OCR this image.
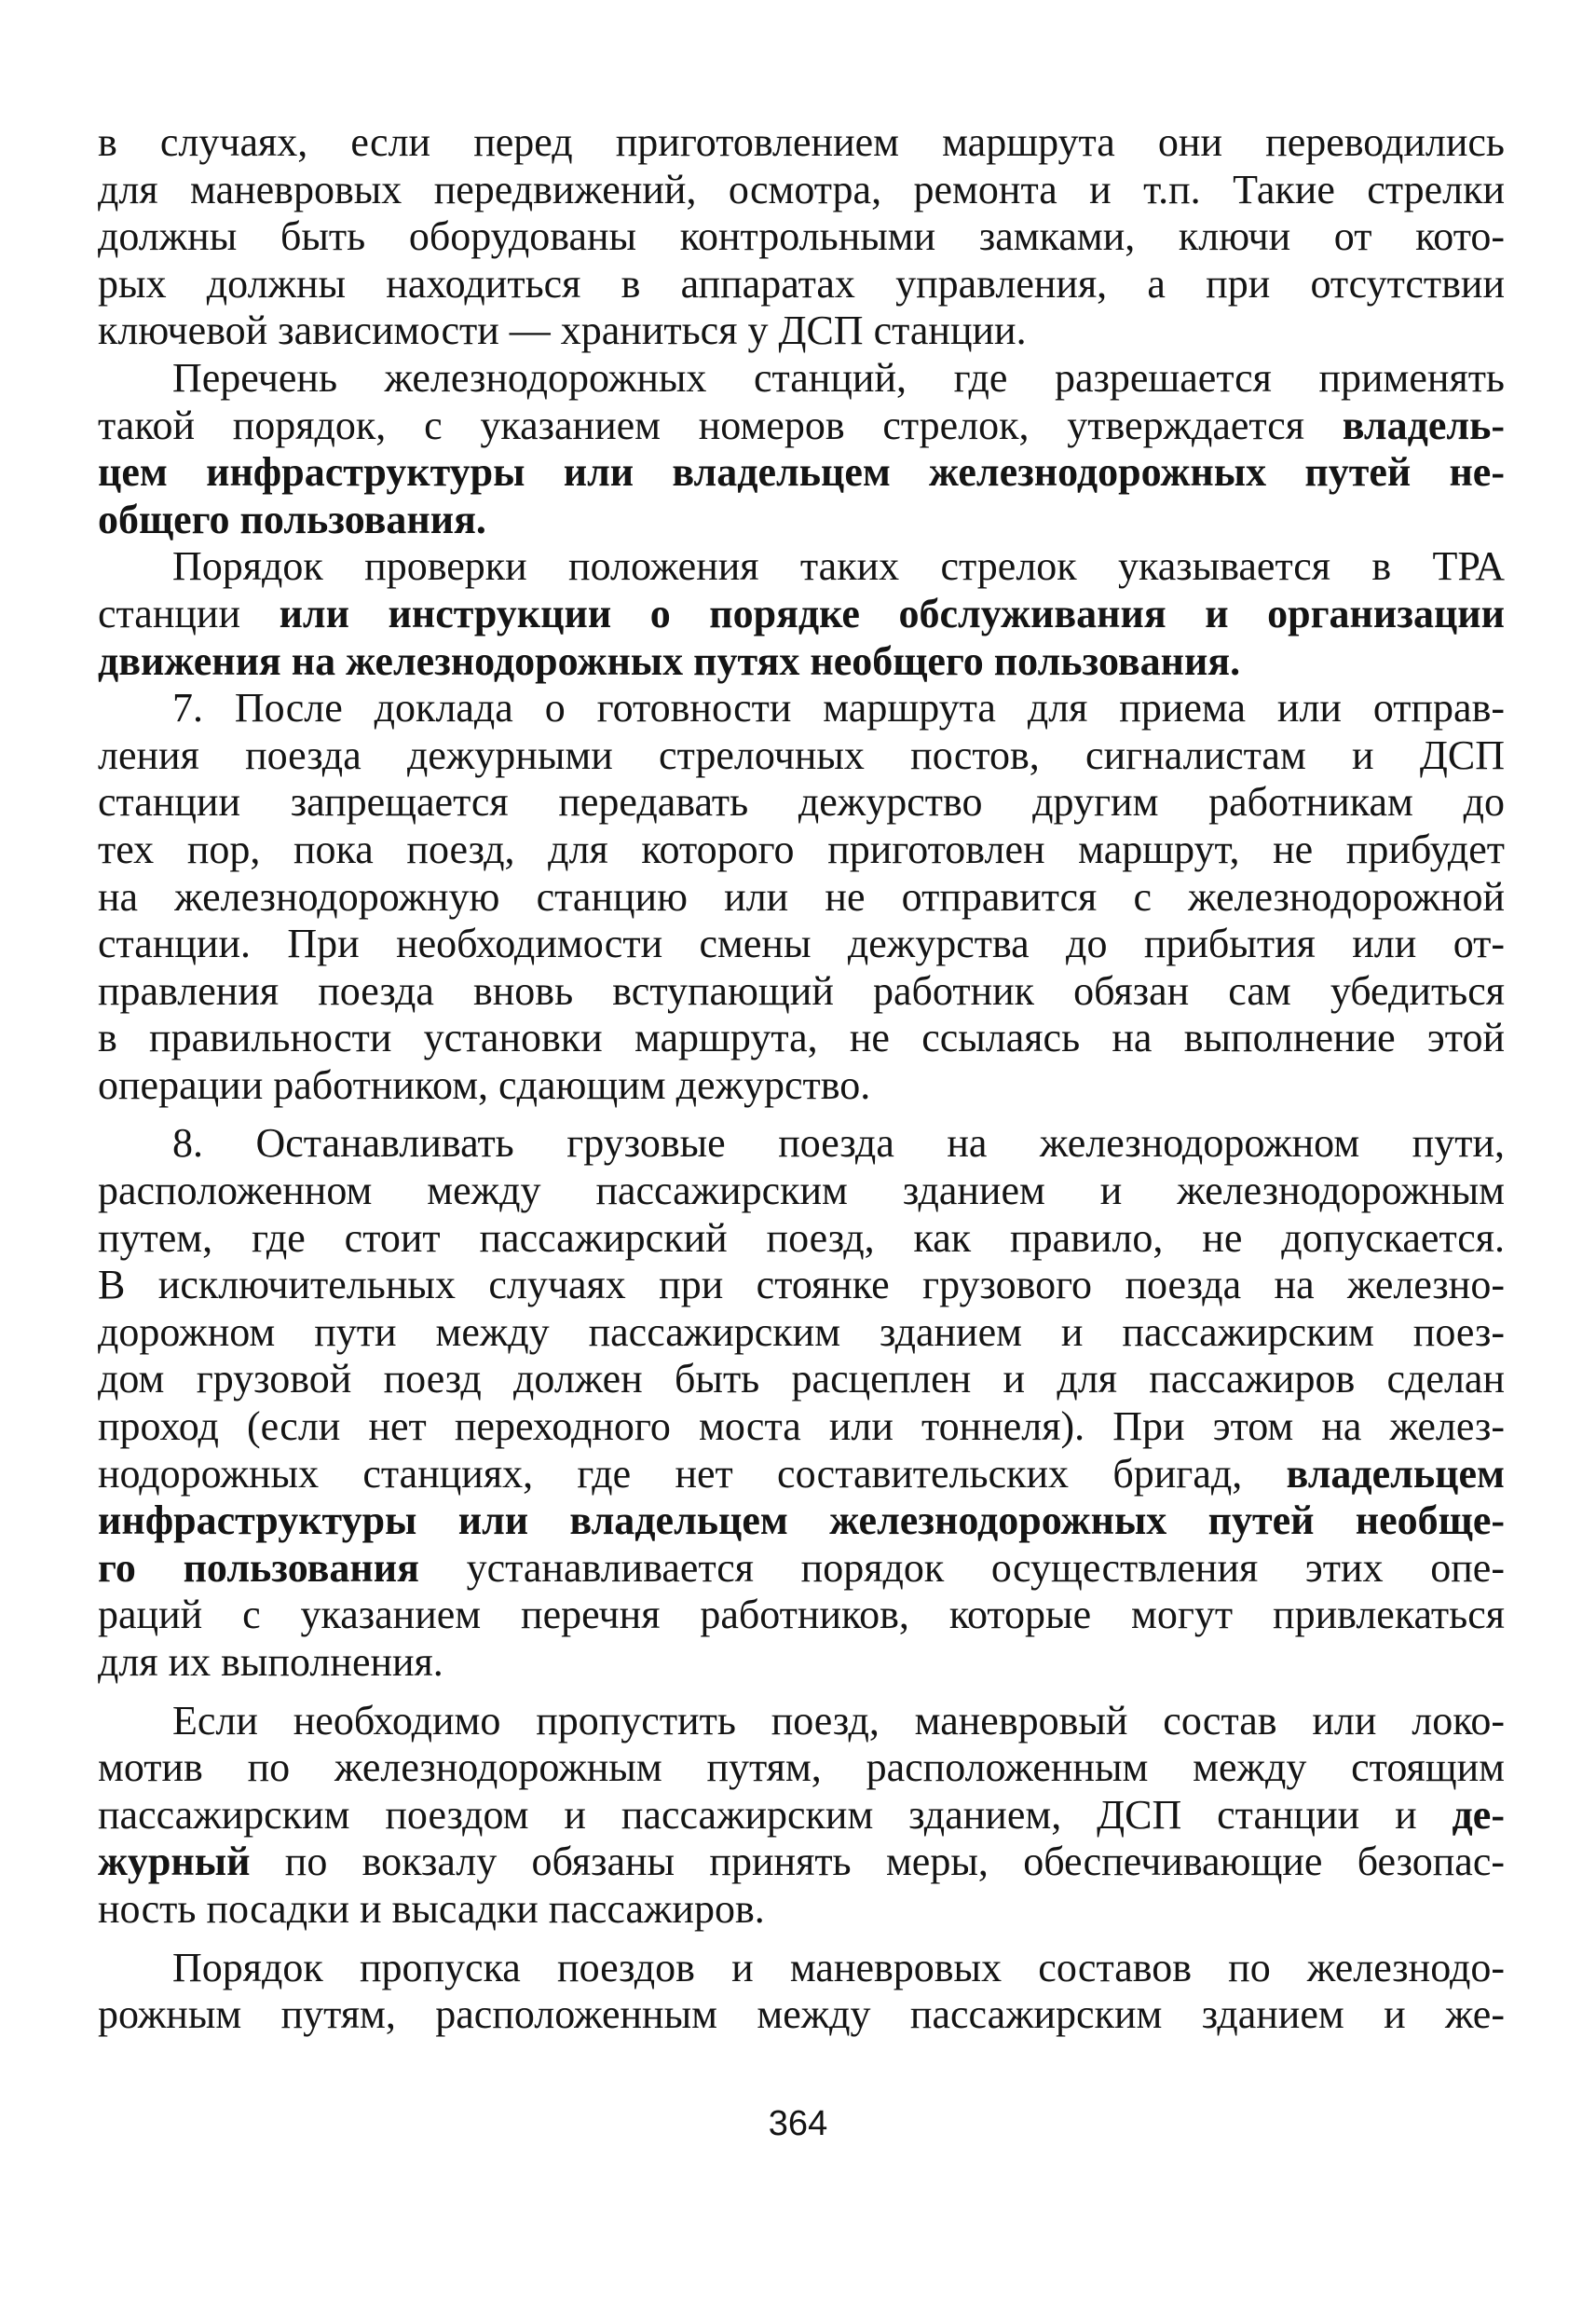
в случаях, если перед приготовлением маршрута они переводились
для маневровых передвижений, осмотра, ремонта и т.п. Такие стрелки
должны быть оборудованы контрольными замками, ключи от кото-
рых должны находиться в аппаратах управления, а при отсутствии
ключевой зависимости — храниться у ДСП станции.
Перечень железнодорожных станций, где разрешается применять
такой порядок, с указанием номеров стрелок, утверждается владель-
цем инфраструктуры или владельцем железнодорожных путей не-
общего пользования.
Порядок проверки положения таких стрелок указывается в ТРА
станции или инструкции о порядке обслуживания и организации
движения на железнодорожных путях необщего пользования.
7. После доклада о готовности маршрута для приема или отправ-
ления поезда дежурными стрелочных постов, сигналистам и ДСП
станции запрещается передавать дежурство другим работникам до
тех пор, пока поезд, для которого приготовлен маршрут, не прибудет
на железнодорожную станцию или не отправится с железнодорожной
станции. При необходимости смены дежурства до прибытия или от-
правления поезда вновь вступающий работник обязан сам убедиться
в правильности установки маршрута, не ссылаясь на выполнение этой
операции работником, сдающим дежурство.
8. Останавливать грузовые поезда на железнодорожном пути,
расположенном между пассажирским зданием и железнодорожным
путем, где стоит пассажирский поезд, как правило, не допускается.
В исключительных случаях при стоянке грузового поезда на железно-
дорожном пути между пассажирским зданием и пассажирским поез-
дом грузовой поезд должен быть расцеплен и для пассажиров сделан
проход (если нет переходного моста или тоннеля). При этом на желез-
нодорожных станциях, где нет составительских бригад, владельцем
инфраструктуры или владельцем железнодорожных путей необще-
го пользования устанавливается порядок осуществления этих опе-
раций с указанием перечня работников, которые могут привлекаться
для их выполнения.
Если необходимо пропустить поезд, маневровый состав или локо-
мотив по железнодорожным путям, расположенным между стоящим
пассажирским поездом и пассажирским зданием, ДСП станции и де-
журный по вокзалу обязаны принять меры, обеспечивающие безопас-
ность посадки и высадки пассажиров.
Порядок пропуска поездов и маневровых составов по железнодо-
рожным путям, расположенным между пассажирским зданием и же-
364
